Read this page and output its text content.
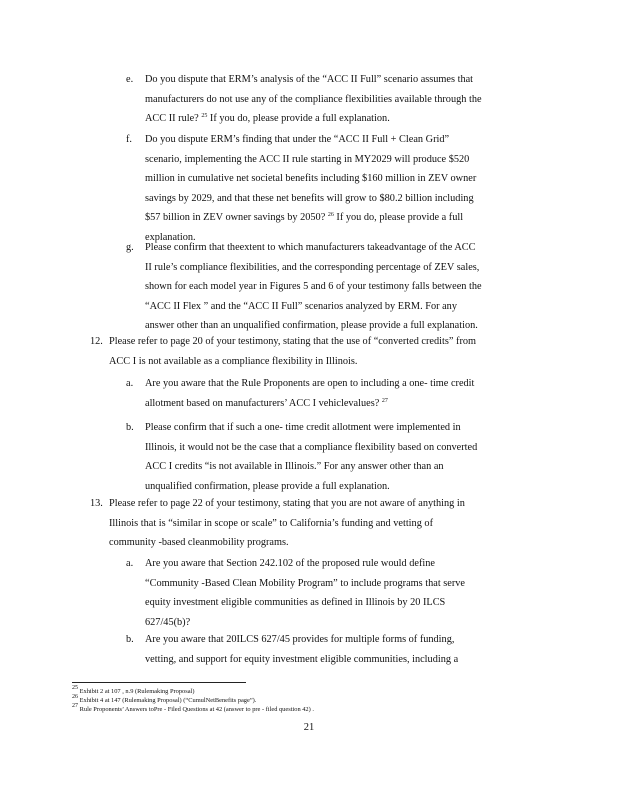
e. Do you dispute that ERM’s analysis of the “ACC II Full” scenario assumes that
manufacturers do not use any of the compliance flexibilities available through the
ACC II rule? $^{25}$ If you do, please provide a full explanation.
f. Do you dispute ERM’s finding that under the “ACC II Full + Clean Grid”
scenario, implementing the ACC II rule starting in MY2029 will produce $520
million in cumulative net societal benefits including $160 million in ZEV owner
savings by 2029, and that these net benefits will grow to $80.2 billion including
$57 billion in ZEV owner savings by 2050? $^{26}$ If you do, please provide a full
explanation.
g. Please confirm that theextent to which manufacturers takeadvantage of the ACC
II rule’s compliance flexibilities, and the corresponding percentage of ZEV sales,
shown for each model year in Figures 5 and 6 of your testimony falls between the
“ACC II Flex ” and the “ACC II Full” scenarios analyzed by ERM. For any
answer other than an unqualified confirmation, please provide a full explanation.
12. Please refer to page 20 of your testimony, stating that the use of “converted credits” from
ACC I is not available as a compliance flexibility in Illinois.
a. Are you aware that the Rule Proponents are open to including a one- time credit
allotment based on manufacturers’ ACC I vehiclevalues? $^{27}$
b. Please confirm that if such a one- time credit allotment were implemented in
Illinois, it would not be the case that a compliance flexibility based on converted
ACC I credits “is not available in Illinois.” For any answer other than an
unqualified confirmation, please provide a full explanation.
13. Please refer to page 22 of your testimony, stating that you are not aware of anything in
Illinois that is “similar in scope or scale” to California’s funding and vetting of
community -based cleanmobility programs.
a. Are you aware that Section 242.102 of the proposed rule would define
“Community -Based Clean Mobility Program” to include programs that serve
equity investment eligible communities as defined in Illinois by 20 ILCS
627/45(b)?
b. Are you aware that 20ILCS 627/45 provides for multiple forms of funding,
vetting, and support for equity investment eligible communities, including a
$^{25}$ Exhibit 2 at 107 , n.9 (Rulemaking Proposal)
$^{26}$ Exhibit 4 at 147 (Rulemaking Proposal) (“CumulNetBenefits page”).
$^{27}$ Rule Proponents’ Answers toPre - Filed Questions at 42 (answer to pre - filed question 42) .
21
